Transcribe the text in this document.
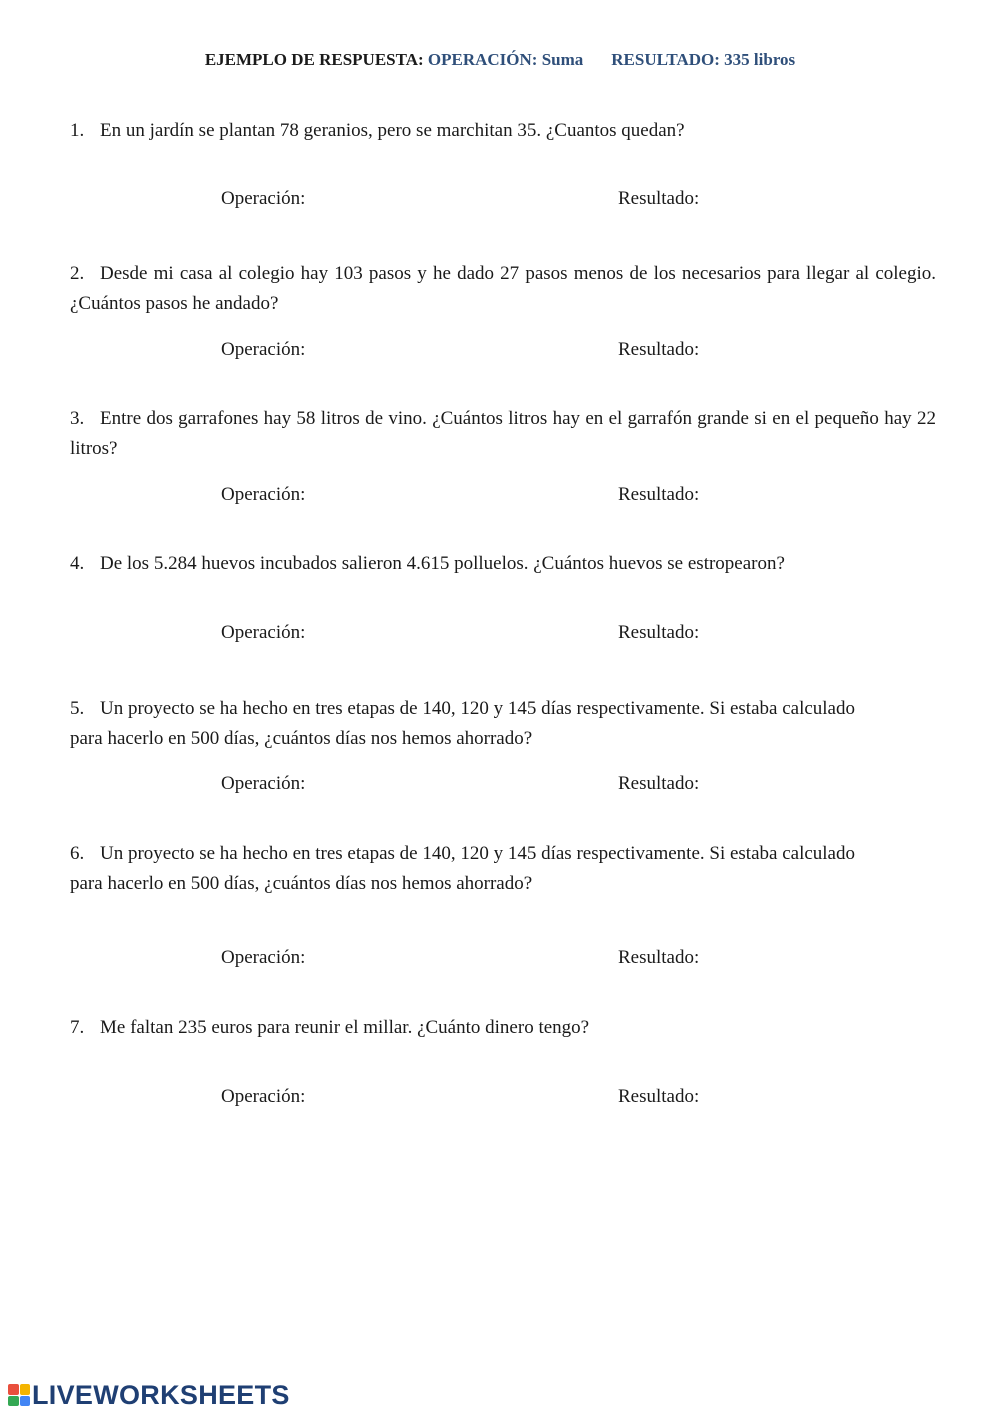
EJEMPLO DE RESPUESTA: OPERACIÓN: Suma RESULTADO: 335 libros
1. En un jardín se plantan 78 geranios, pero se marchitan 35. ¿Cuantos quedan?
Operación:	Resultado:
2. Desde mi casa al colegio hay 103 pasos y he dado 27 pasos menos de los necesarios para llegar al colegio. ¿Cuántos pasos he andado?
Operación:	Resultado:
3. Entre dos garrafones hay 58 litros de vino. ¿Cuántos litros hay en el garrafón grande si en el pequeño hay 22 litros?
Operación:	Resultado:
4. De los 5.284 huevos incubados salieron 4.615 polluelos. ¿Cuántos huevos se estropearon?
Operación:	Resultado:
5. Un proyecto se ha hecho en tres etapas de 140, 120 y 145 días respectivamente. Si estaba calculado para hacerlo en 500 días, ¿cuántos días nos hemos ahorrado?
Operación:	Resultado:
6. Un proyecto se ha hecho en tres etapas de 140, 120 y 145 días respectivamente. Si estaba calculado para hacerlo en 500 días, ¿cuántos días nos hemos ahorrado?
Operación:	Resultado:
7. Me faltan 235 euros para reunir el millar. ¿Cuánto dinero tengo?
Operación:	Resultado:
LIVEWORKSHEETS
